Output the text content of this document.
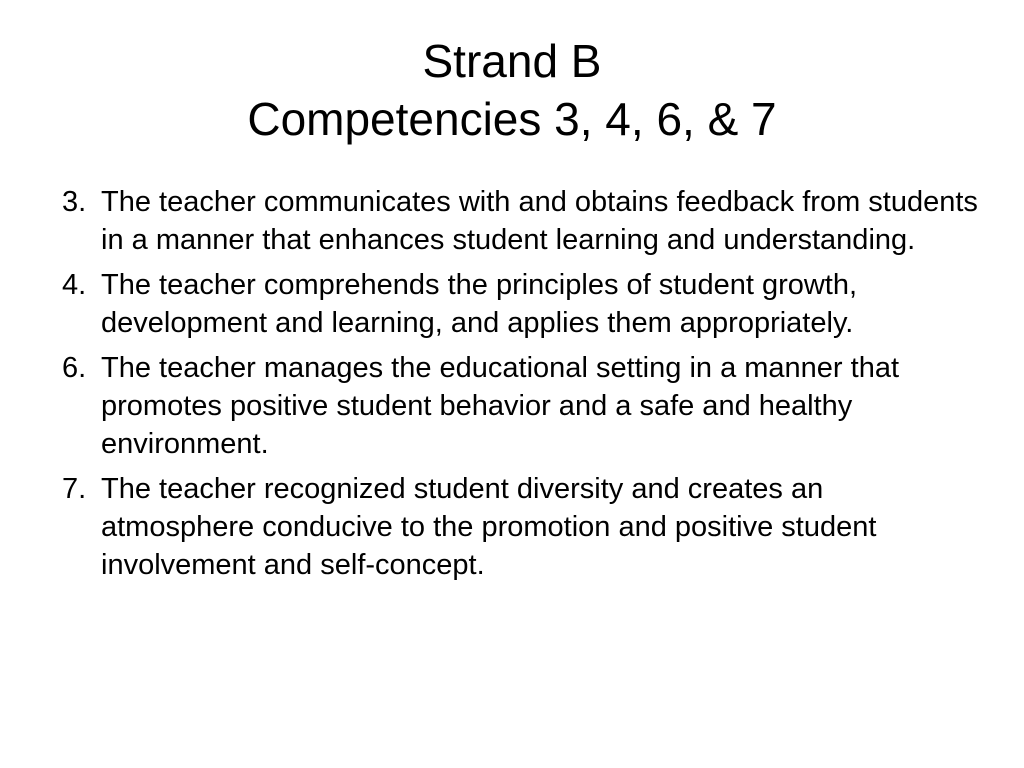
Strand B
Competencies 3, 4, 6, & 7
3. The teacher communicates with and obtains feedback from students in a manner that enhances student learning and understanding.
4. The teacher comprehends the principles of student growth, development and learning, and applies them appropriately.
6. The teacher manages the educational setting in a manner that promotes positive student behavior and a safe and healthy environment.
7. The teacher recognized student diversity and creates an atmosphere conducive to the promotion and positive student involvement and self-concept.
